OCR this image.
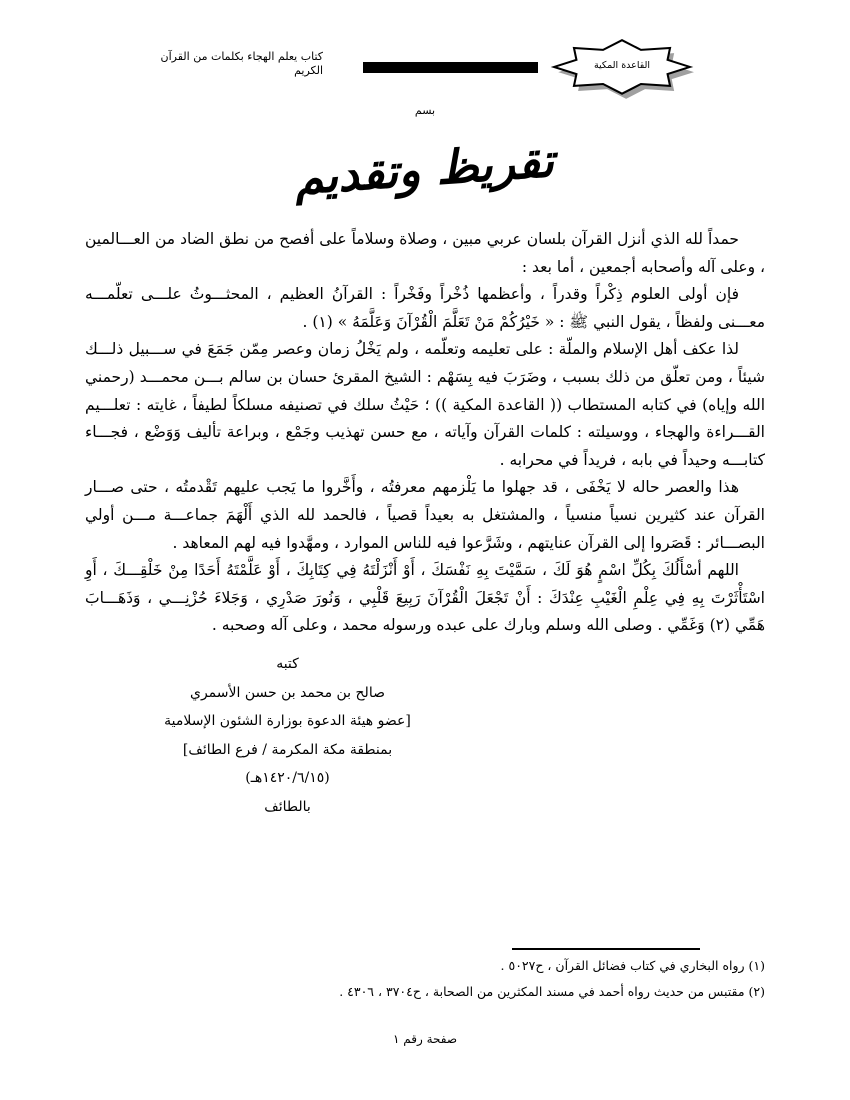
كتاب يعلم الهجاء بكلمات من القرآن الكريم	القاعدة المكية
بسم
تقريظ وتقديم

حمداً لله الذي أنزل القرآن بلسان عربي مبين ، وصلاة وسلاماً على أفصح من نطق الضاد من العـــالمين ، وعلى آله وأصحابه أجمعين ، أما بعد :

فإن أولى العلوم ذِكْراً وقدراً ، وأعظمها ذُخْراً وفَخْراً : القرآنُ العظيم ، المحثـــوثُ علـــى تعلّمـــه معـــنى ولفظاً ، يقول النبي ﷺ : « خَيْرُكُمْ مَنْ تَعَلَّمَ الْقُرْآنَ وَعَلَّمَهُ » (١) .

لذا عكف أهل الإسلام والملّة : على تعليمه وتعلّمه ، ولم يَخْلُ زمان وعصر مِمّن جَمَعَ في ســـبيل ذلـــك شيئاً ، ومن تعلّق من ذلك بسبب ، وضَرَبَ فيه بِسَهْم : الشيخ المقرئ حسان بن سالم بـــن محمـــد (رحمني الله وإياه) في كتابه المستطاب (( القاعدة المكية )) ؛ حَيْثُ سلك في تصنيفه مسلكاً لطيفاً ، غايته : تعلـــيم القـــراءة والهجاء ، ووسيلته : كلمات القرآن وآياته ، مع حسن تهذيب وجَمْع ، وبراعة تأليف وَوَضْع ، فجـــاء كتابـــه وحيداً في بابه ، فريداً في محرابه .

هذا والعصر حاله لا يَخْفَى ، قد جهلوا ما يَلْزمهم معرفتُه ، وأَخَّروا ما يَجب عليهم تَقْدمتُه ، حتى صـــار القرآن عند كثيرين نسياً منسياً ، والمشتغل به بعيداً قصياً ، فالحمد لله الذي أَلْهَمَ جماعـــة مـــن أولي البصـــائر : قَصَروا إلى القرآن عنايتهم ، وشَرَّعوا فيه للناس الموارد ، ومهَّدوا فيه لهم المعاهد .

اللهم أسْأَلُكَ بِكُلِّ اسْمٍ هُوَ لَكَ ، سَمَّيْتَ بِهِ نَفْسَكَ ، أَوْ أَنْزَلْتَهُ فِي كِتَابِكَ ، أَوْ عَلَّمْتَهُ أَحَدًا مِنْ خَلْقِـــكَ ، أَوِ اسْتَأْثَرْتَ بِهِ فِي عِلْمِ الْغَيْبِ عِنْدَكَ : أَنْ تَجْعَلَ الْقُرْآنَ رَبِيعَ قَلْبِي ، وَنُورَ صَدْرِي ، وَجَلاءَ حُزْنِـــي ، وَذَهَـــابَ هَمِّي (٢) وَغَمِّي . وصلى الله وسلم وبارك على عبده ورسوله محمد ، وعلى آله وصحبه .

كتبه
صالح بن محمد بن حسن الأسمري
[عضو هيئة الدعوة بوزارة الشئون الإسلامية
بمنطقة مكة المكرمة / فرع الطائف]
(١٤٢٠/٦/١٥هـ)
بالطائف
(١) رواه البخاري في كتاب فضائل القرآن ، ح٥٠٢٧ .
(٢) مقتبس من حديث رواه أحمد في مسند المكثرين من الصحابة ، ح٣٧٠٤ ، ٤٣٠٦ .
صفحة رقم ١
